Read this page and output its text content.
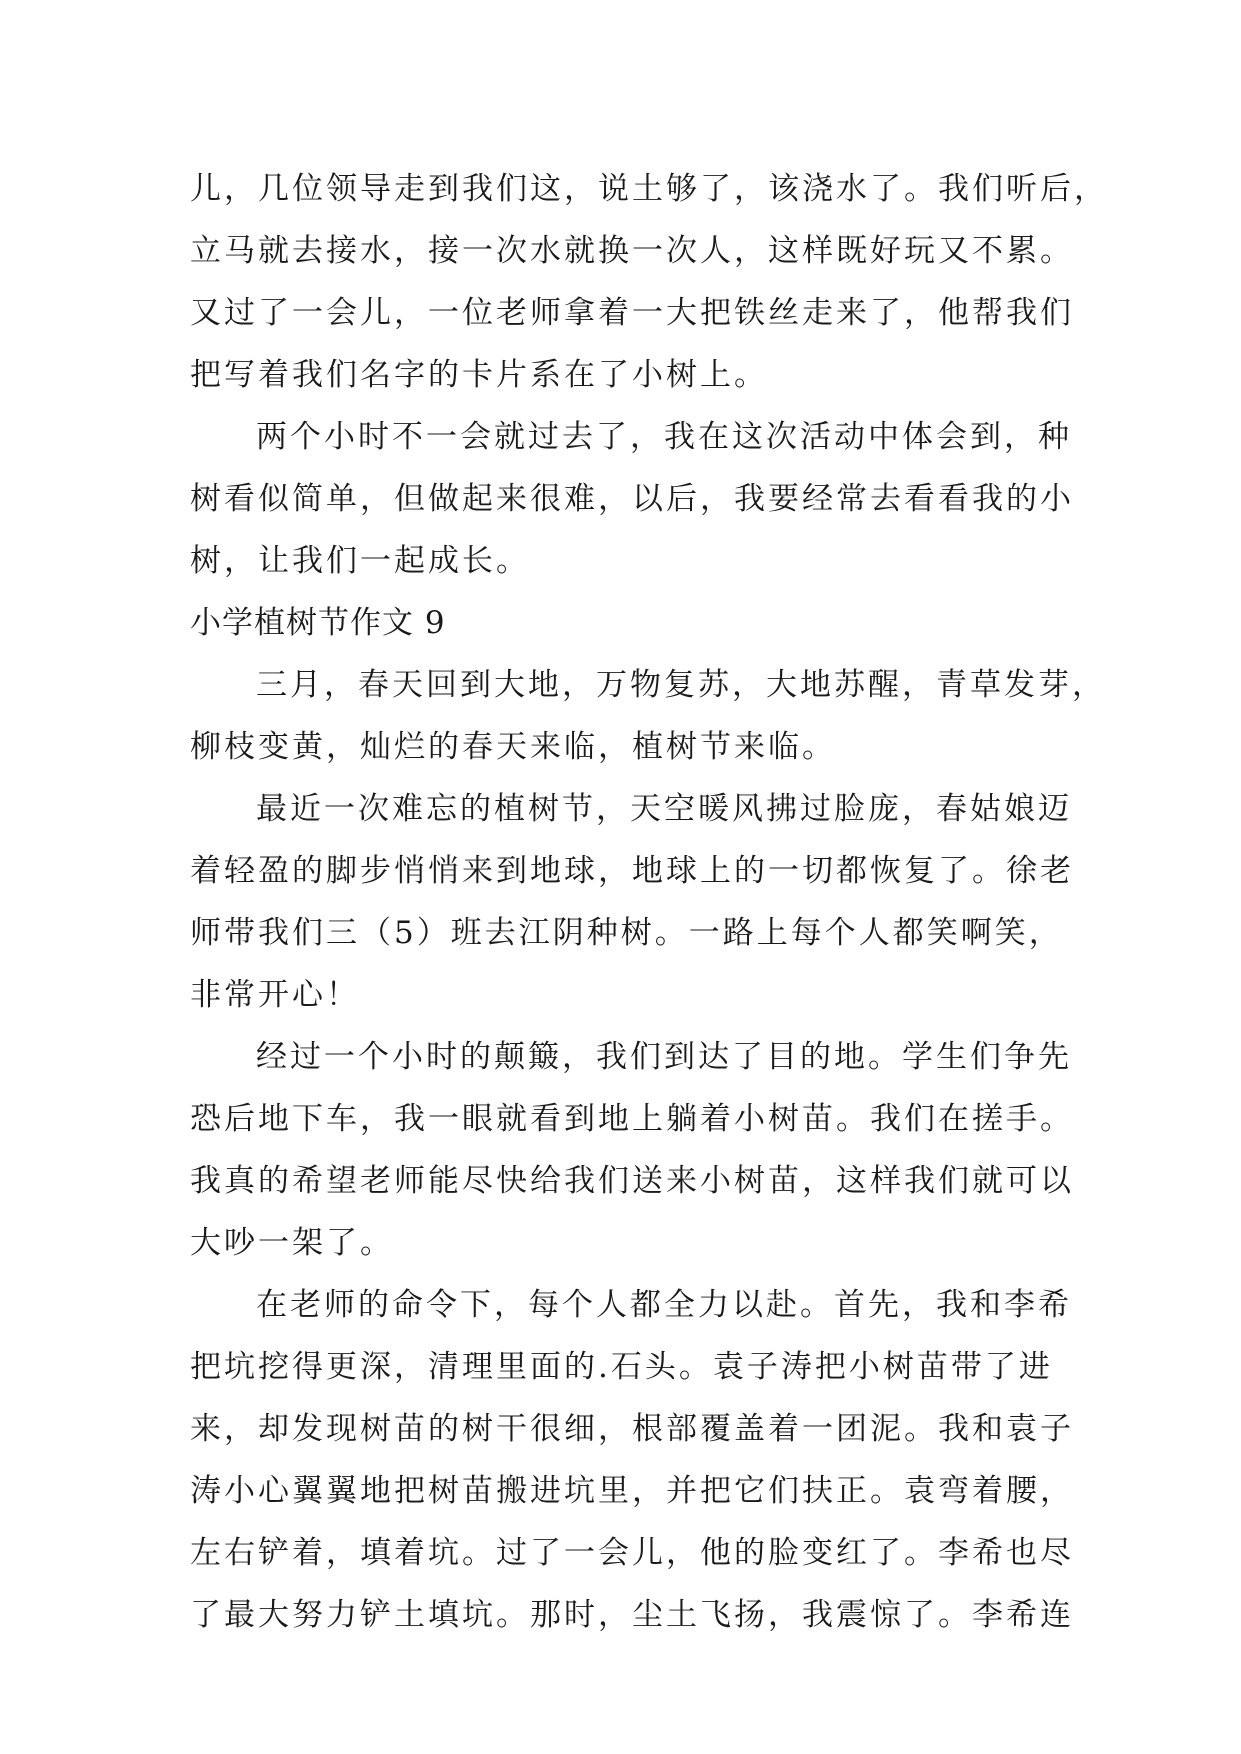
儿，几位领导走到我们这，说土够了，该浇水了。我们听后，
立马就去接水，接一次水就换一次人，这样既好玩又不累。
又过了一会儿，一位老师拿着一大把铁丝走来了，他帮我们
把写着我们名字的卡片系在了小树上。
两个小时不一会就过去了，我在这次活动中体会到，种
树看似简单，但做起来很难，以后，我要经常去看看我的小
树，让我们一起成长。
小学植树节作文 9
三月，春天回到大地，万物复苏，大地苏醒，青草发芽，
柳枝变黄，灿烂的春天来临，植树节来临。
最近一次难忘的植树节，天空暖风拂过脸庞，春姑娘迈
着轻盈的脚步悄悄来到地球，地球上的一切都恢复了。徐老
师带我们三（5）班去江阴种树。一路上每个人都笑啊笑，
非常开心！
经过一个小时的颠簸，我们到达了目的地。学生们争先
恐后地下车，我一眼就看到地上躺着小树苗。我们在搓手。
我真的希望老师能尽快给我们送来小树苗，这样我们就可以
大吵一架了。
在老师的命令下，每个人都全力以赴。首先，我和李希
把坑挖得更深，清理里面的.石头。袁子涛把小树苗带了进
来，却发现树苗的树干很细，根部覆盖着一团泥。我和袁子
涛小心翼翼地把树苗搬进坑里，并把它们扶正。袁弯着腰，
左右铲着，填着坑。过了一会儿，他的脸变红了。李希也尽
了最大努力铲土填坑。那时，尘土飞扬，我震惊了。李希连
